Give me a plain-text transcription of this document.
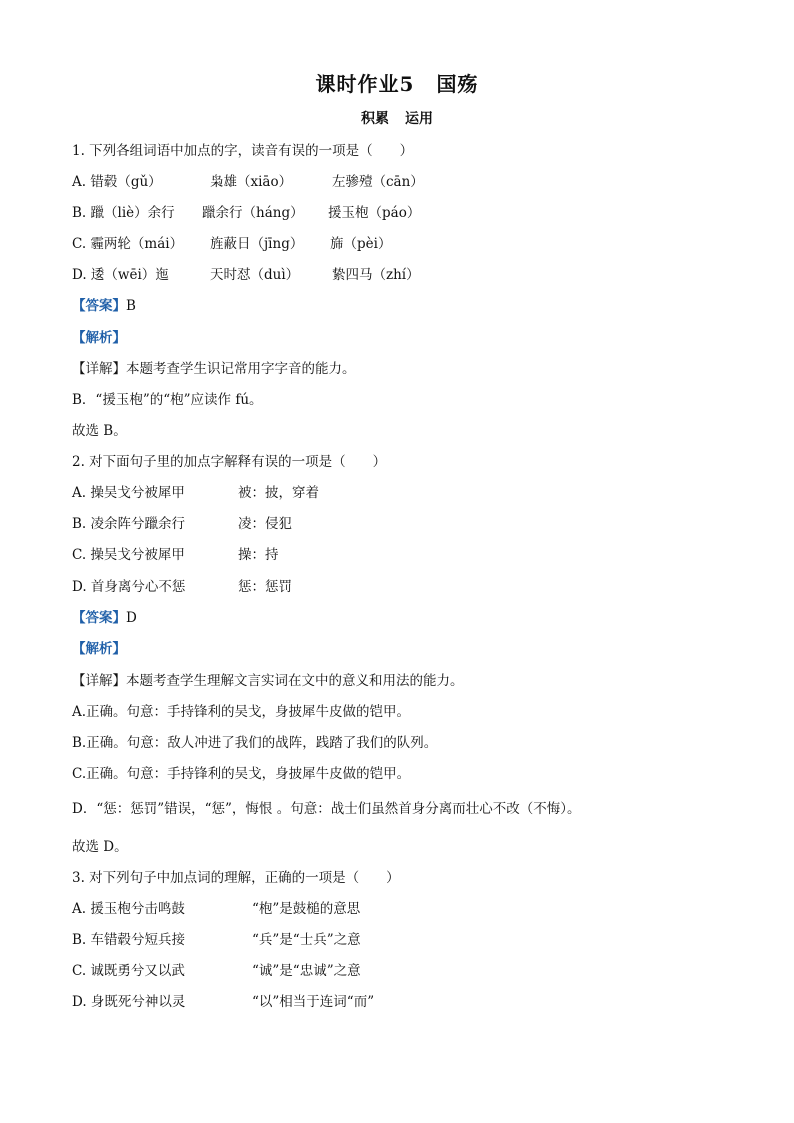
课时作业5 国殇
积累 运用
1. 下列各组词语中加点的字，读音有误的一项是（　　）
A. 错毂（gǔ）	枭雄（xiāo）	左骖殪（cān）
B. 躐（liè）余行 躐余行（háng） 援玉枹（páo）
C. 霾两轮（mái） 旌蔽日（jīng） 旆（pèi）
D. 逶（wēi）迤	天时怼（duì） 絷四马（zhí）
【答案】B
【解析】
【详解】本题考查学生识记常用字字音的能力。
B．“援玉枹”的“枹”应读作 fú。
故选 B。
2. 对下面句子里的加点字解释有误的一项是（　　）
A. 操吴戈兮被犀甲	被：披，穿着
B. 凌余阵兮躐余行	凌：侵犯
C. 操吴戈兮被犀甲	操：持
D. 首身离兮心不惩	惩：惩罚
【答案】D
【解析】
【详解】本题考查学生理解文言实词在文中的意义和用法的能力。
A.正确。句意：手持锋利的吴戈，身披犀牛皮做的铠甲。
B.正确。句意：敌人冲进了我们的战阵，践踏了我们的队列。
C.正确。句意：手持锋利的吴戈，身披犀牛皮做的铠甲。
D．“惩：惩罚”错误，“惩”，悔恨 。句意：战士们虽然首身分离而壮心不改（不悔）。
故选 D。
3. 对下列句子中加点词的理解，正确的一项是（　　）
A. 援玉枹兮击鸣鼓	“枹”是鼓槌的意思
B. 车错毂兮短兵接	“兵”是“士兵”之意
C. 诚既勇兮又以武	“诚”是“忠诚”之意
D. 身既死兮神以灵	“以”相当于连词“而”
